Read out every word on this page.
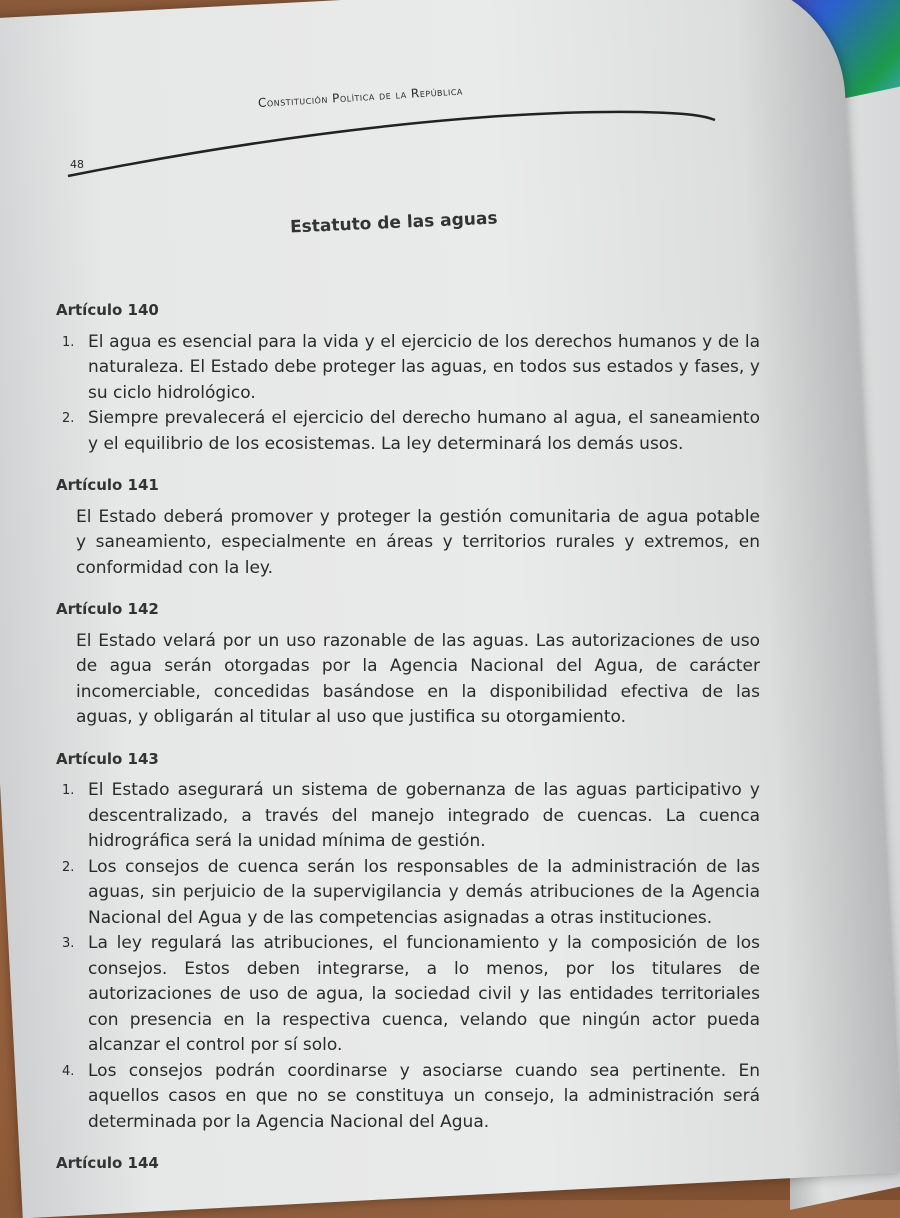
Constitución Política de la República
48
Estatuto de las aguas
Artículo 140
1. El agua es esencial para la vida y el ejercicio de los derechos humanos y de la
naturaleza. El Estado debe proteger las aguas, en todos sus estados y fases, y
su ciclo hidrológico.
2. Siempre prevalecerá el ejercicio del derecho humano al agua, el saneamiento
y el equilibrio de los ecosistemas. La ley determinará los demás usos.
Artículo 141
El Estado deberá promover y proteger la gestión comunitaria de agua potable
y saneamiento, especialmente en áreas y territorios rurales y extremos, en
conformidad con la ley.
Artículo 142
El Estado velará por un uso razonable de las aguas. Las autorizaciones de uso
de agua serán otorgadas por la Agencia Nacional del Agua, de carácter
incomerciable, concedidas basándose en la disponibilidad efectiva de las
aguas, y obligarán al titular al uso que justifica su otorgamiento.
Artículo 143
1. El Estado asegurará un sistema de gobernanza de las aguas participativo y
descentralizado, a través del manejo integrado de cuencas. La cuenca
hidrográfica será la unidad mínima de gestión.
2. Los consejos de cuenca serán los responsables de la administración de las
aguas, sin perjuicio de la supervigilancia y demás atribuciones de la Agencia
Nacional del Agua y de las competencias asignadas a otras instituciones.
3. La ley regulará las atribuciones, el funcionamiento y la composición de los
consejos. Estos deben integrarse, a lo menos, por los titulares de
autorizaciones de uso de agua, la sociedad civil y las entidades territoriales
con presencia en la respectiva cuenca, velando que ningún actor pueda
alcanzar el control por sí solo.
4. Los consejos podrán coordinarse y asociarse cuando sea pertinente. En
aquellos casos en que no se constituya un consejo, la administración será
determinada por la Agencia Nacional del Agua.
Artículo 144
